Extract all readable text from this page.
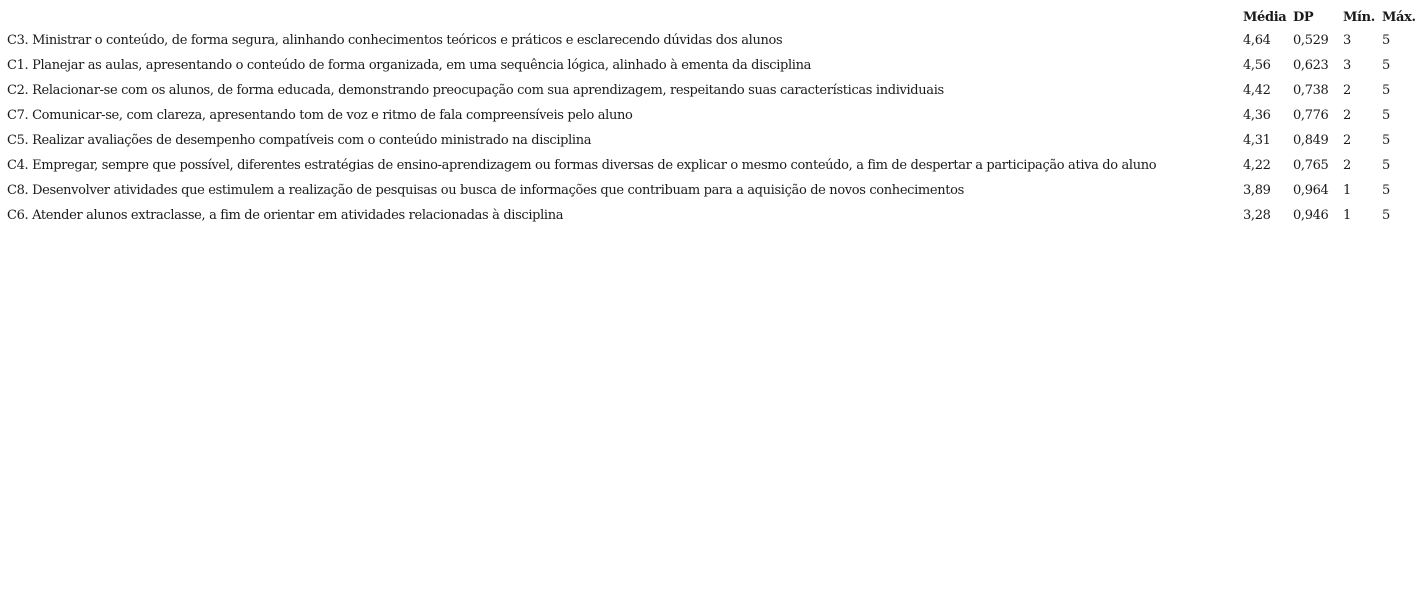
	Média	DP	Mín.	Máx.
C3. Ministrar o conteúdo, de forma segura, alinhando conhecimentos teóricos e práticos e esclarecendo dúvidas dos alunos	4,64	0,529	3	5
C1. Planejar as aulas, apresentando o conteúdo de forma organizada, em uma sequência lógica, alinhado à ementa da disciplina	4,56	0,623	3	5
C2. Relacionar-se com os alunos, de forma educada, demonstrando preocupação com sua aprendizagem, respeitando suas características individuais	4,42	0,738	2	5
C7. Comunicar-se, com clareza, apresentando tom de voz e ritmo de fala compreensíveis pelo aluno	4,36	0,776	2	5
C5. Realizar avaliações de desempenho compatíveis com o conteúdo ministrado na disciplina	4,31	0,849	2	5
C4. Empregar, sempre que possível, diferentes estratégias de ensino-aprendizagem ou formas diversas de explicar o mesmo conteúdo, a fim de despertar a participação ativa do aluno	4,22	0,765	2	5
C8. Desenvolver atividades que estimulem a realização de pesquisas ou busca de informações que contribuam para a aquisição de novos conhecimentos	3,89	0,964	1	5
C6. Atender alunos extraclasse, a fim de orientar em atividades relacionadas à disciplina	3,28	0,946	1	5
